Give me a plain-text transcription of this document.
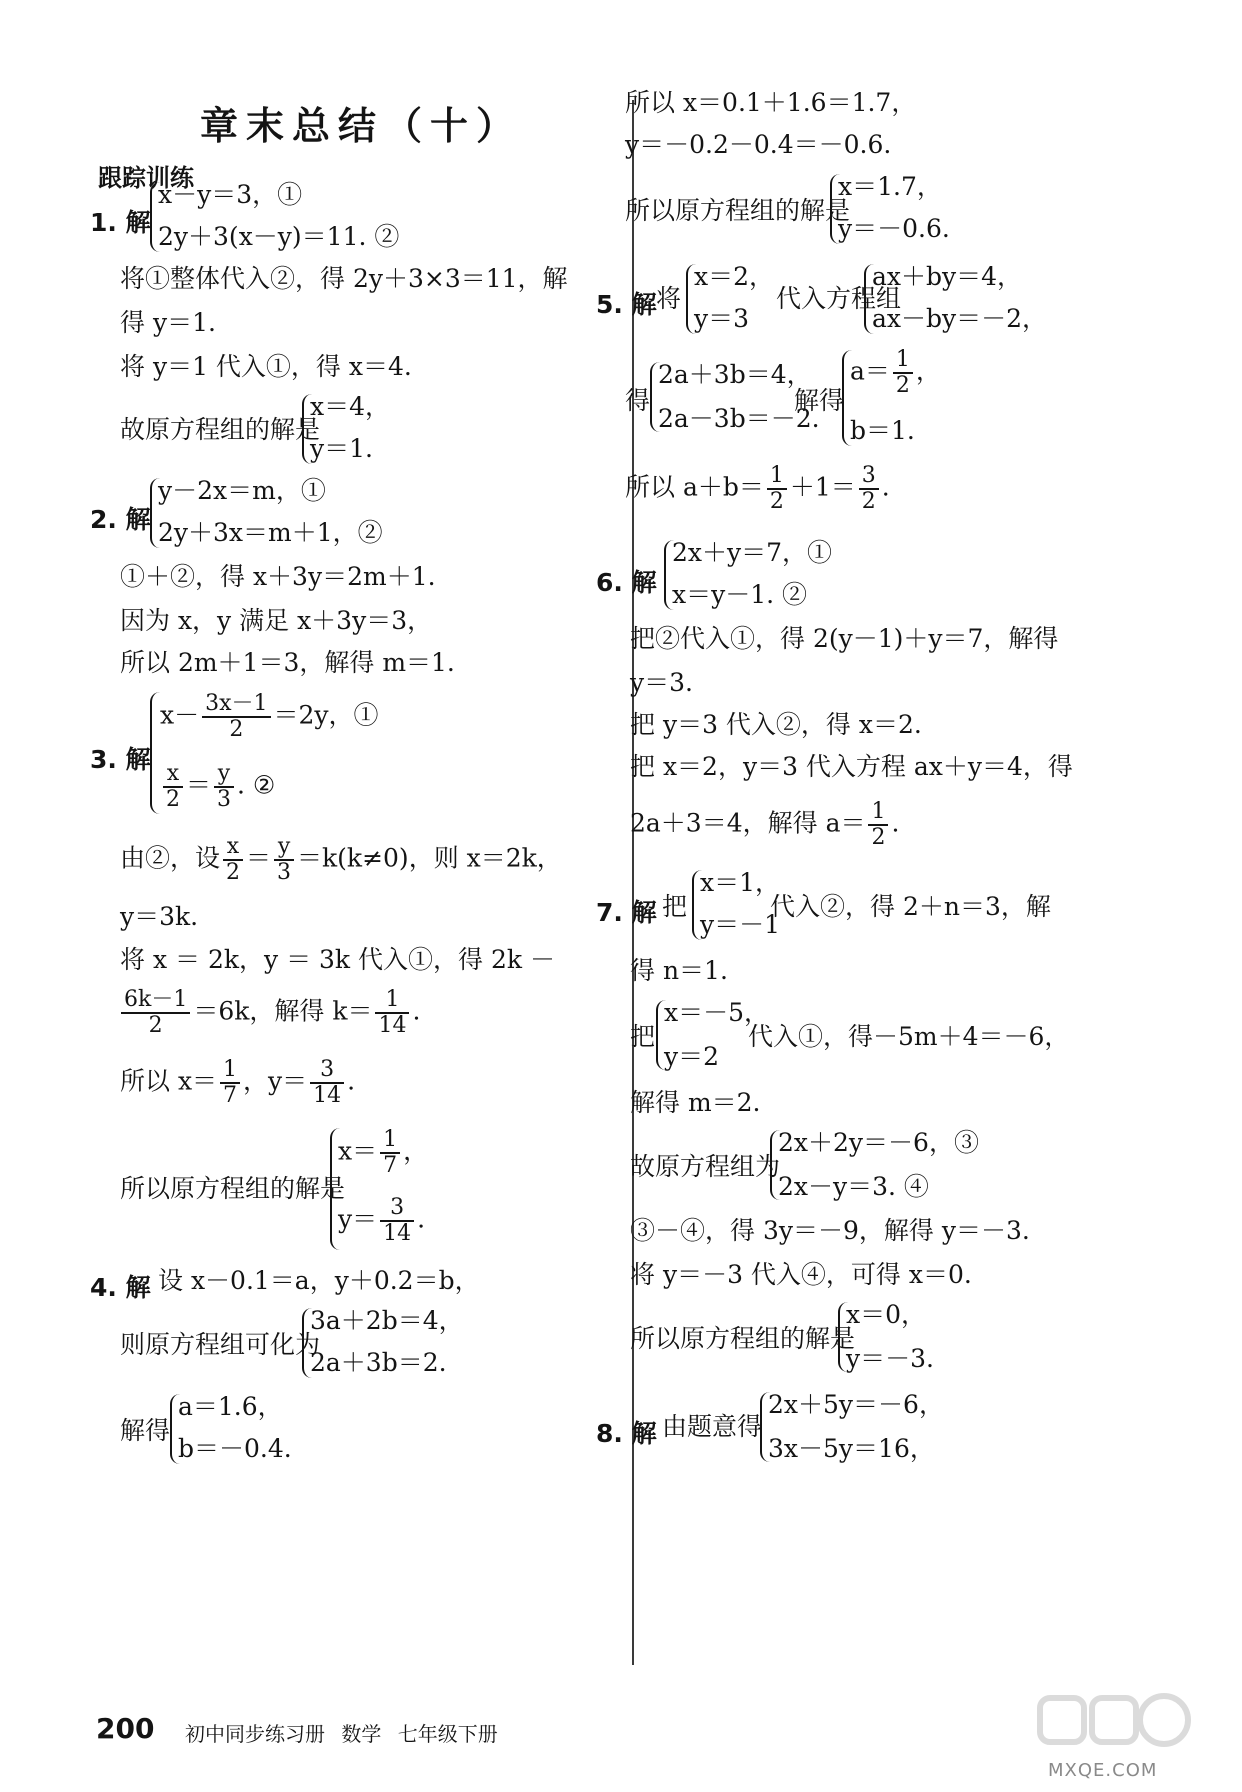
章末总结（十）
跟踪训练
1. 解
x－y＝3，①
2y＋3(x－y)＝11. ②
将①整体代入②，得 2y＋3×3＝11，解
得 y＝1.
将 y＝1 代入①，得 x＝4.
故原方程组的解是
x＝4，
y＝1.
2. 解
y－2x＝m，①
2y＋3x＝m＋1，②
①＋②，得 x＋3y＝2m＋1.
因为 x，y 满足 x＋3y＝3，
所以 2m＋1＝3，解得 m＝1.
3. 解
$x- \frac{3x-1}{2} =2y$，①
$\frac{x}{2} = \frac{y}{3}$ . ②
由②，设 $\frac{x}{2} = \frac{y}{3} =k(k\ne 0)$，则 x＝2k，
y＝3k.
将 x ＝ 2k，y ＝ 3k 代入①，得 2k －
$\frac{6k-1}{2} =6k$，解得 $k= \frac{1}{14}$ .
所以 $x= \frac{1}{7}$ ，$y= \frac{3}{14}$ .
所以原方程组的解是
$x= \frac{1}{7}$ ，
$y= \frac{3}{14}$ .
4. 解 设 x－0.1＝a，y＋0.2＝b，
则原方程组可化为
3a＋2b＝4，
2a＋3b＝2.
解得
a＝1.6，
b＝－0.4.
所以 x＝0.1＋1.6＝1.7，
y＝－0.2－0.4＝－0.6.
所以原方程组的解是
x＝1.7，
y＝－0.6.
5. 解 将
x＝2，
y＝3
代入方程组
ax＋by＝4，
ax－by＝－2，
得
2a＋3b＝4，
2a－3b＝－2.
解得
$a= \frac{1}{2}$ ，
b＝1.
所以 $a+b= \frac{1}{2} +1= \frac{3}{2}$ .
6. 解
2x＋y＝7，①
x＝y－1. ②
把②代入①，得 2(y－1)＋y＝7，解得
y＝3.
把 y＝3 代入②，得 x＝2.
把 x＝2，y＝3 代入方程 ax＋y＝4，得
2a＋3＝4，解得 $a= \frac{1}{2}$ .
7. 解 把
x＝1，
y＝－1
代入②，得 2＋n＝3，解
得 n＝1.
把
x＝－5，
y＝2
代入①，得－5m＋4＝－6，
解得 m＝2.
故原方程组为
2x＋2y＝－6，③
2x－y＝3. ④
③－④，得 3y＝－9，解得 y＝－3.
将 y＝－3 代入④，可得 x＝0.
所以原方程组的解是
x＝0，
y＝－3.
8. 解 由题意得
2x＋5y＝－6，
3x－5y＝16，
200 初中同步练习册 数学 七年级下册
MXQE.COM
